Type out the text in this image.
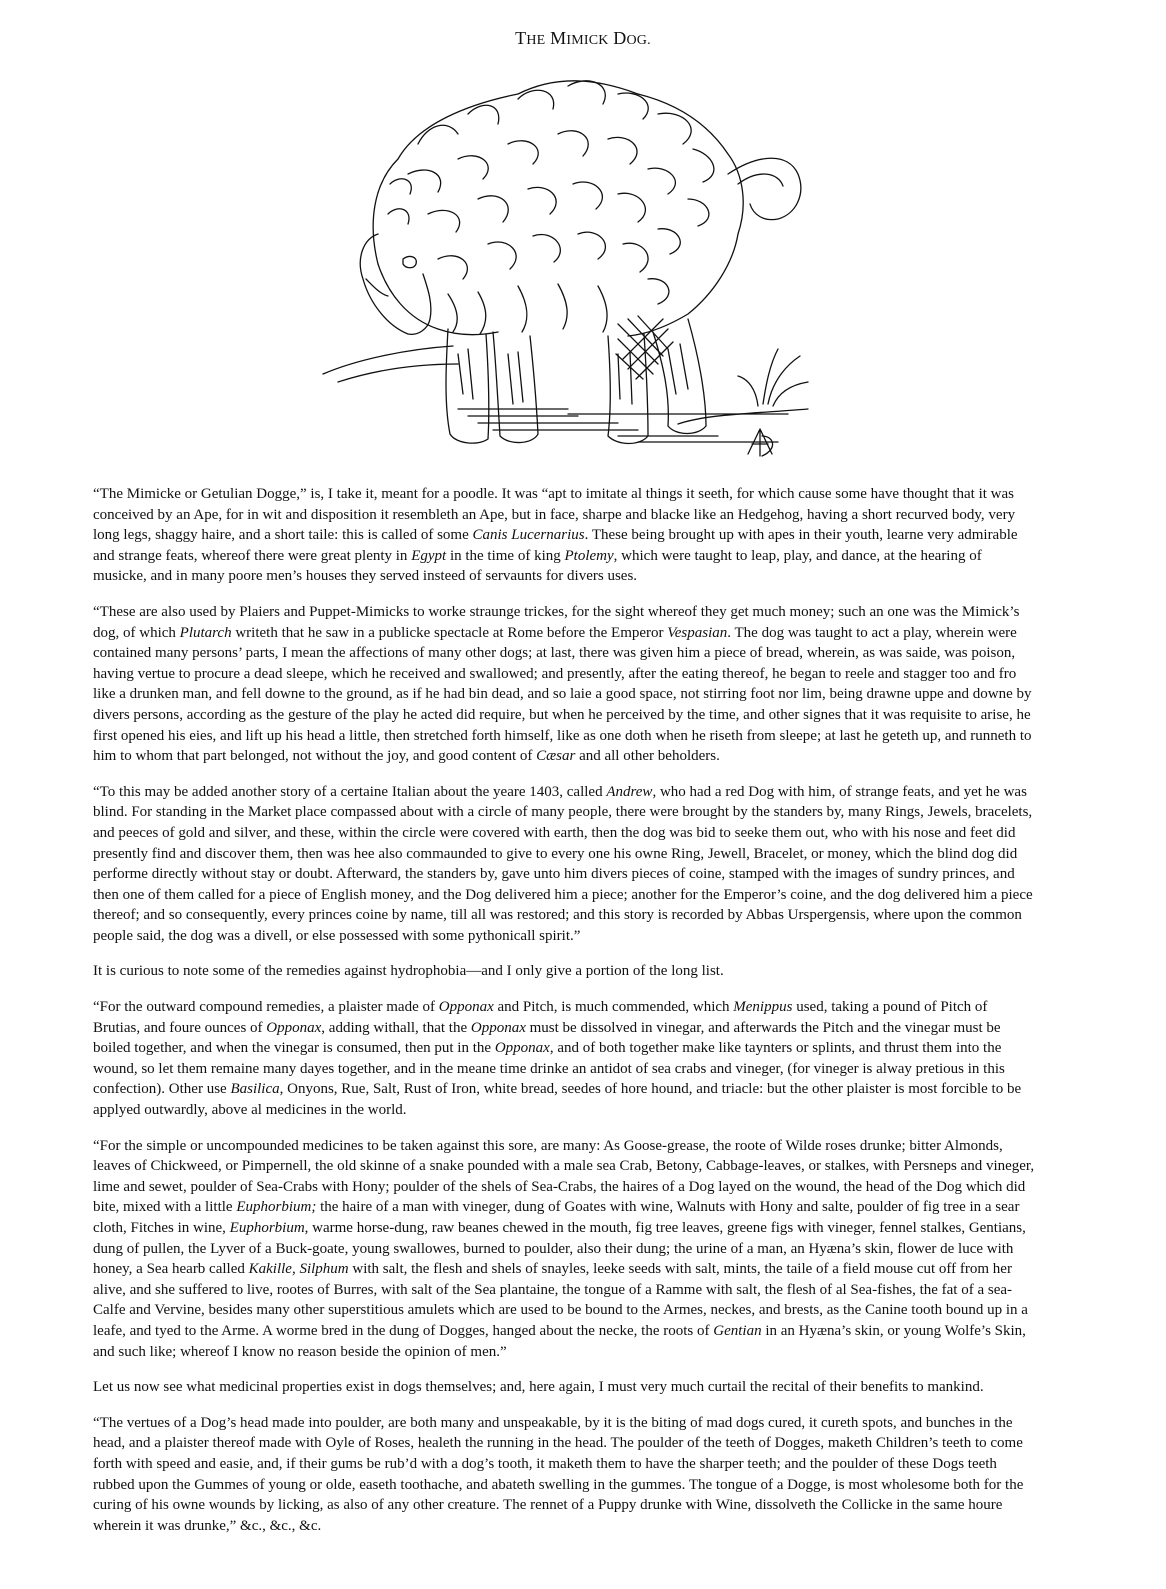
THE MIMICK DOG.

“The Mimicke or Getulian Dogge,” is, I take it, meant for a poodle. It was “apt to imitate al things it seeth, for which cause some have thought that it was conceived by an Ape, for in wit and disposition it resembleth an Ape, but in face, sharpe and blacke like an Hedgehog, having a short recurved body, very long legs, shaggy haire, and a short taile: this is called of some Canis Lucernarius. These being brought up with apes in their youth, learne very admirable and strange feats, whereof there were great plenty in Egypt in the time of king Ptolemy, which were taught to leap, play, and dance, at the hearing of musicke, and in many poore men’s houses they served insteed of servaunts for divers uses.

“These are also used by Plaiers and Puppet-Mimicks to worke straunge trickes, for the sight whereof they get much money; such an one was the Mimick’s dog, of which Plutarch writeth that he saw in a publicke spectacle at Rome before the Emperor Vespasian. The dog was taught to act a play, wherein were contained many persons’ parts, I mean the affections of many other dogs; at last, there was given him a piece of bread, wherein, as was saide, was poison, having vertue to procure a dead sleepe, which he received and swallowed; and presently, after the eating thereof, he began to reele and stagger too and fro like a drunken man, and fell downe to the ground, as if he had bin dead, and so laie a good space, not stirring foot nor lim, being drawne uppe and downe by divers persons, according as the gesture of the play he acted did require, but when he perceived by the time, and other signes that it was requisite to arise, he first opened his eies, and lift up his head a little, then stretched forth himself, like as one doth when he riseth from sleepe; at last he geteth up, and runneth to him to whom that part belonged, not without the joy, and good content of Cæsar and all other beholders.

“To this may be added another story of a certaine Italian about the yeare 1403, called Andrew, who had a red Dog with him, of strange feats, and yet he was blind. For standing in the Market place compassed about with a circle of many people, there were brought by the standers by, many Rings, Jewels, bracelets, and peeces of gold and silver, and these, within the circle were covered with earth, then the dog was bid to seeke them out, who with his nose and feet did presently find and discover them, then was hee also commaunded to give to every one his owne Ring, Jewell, Bracelet, or money, which the blind dog did performe directly without stay or doubt. Afterward, the standers by, gave unto him divers pieces of coine, stamped with the images of sundry princes, and then one of them called for a piece of English money, and the Dog delivered him a piece; another for the Emperor’s coine, and the dog delivered him a piece thereof; and so consequently, every princes coine by name, till all was restored; and this story is recorded by Abbas Urspergensis, where upon the common people said, the dog was a divell, or else possessed with some pythonicall spirit.”

It is curious to note some of the remedies against hydrophobia—and I only give a portion of the long list.

“For the outward compound remedies, a plaister made of Opponax and Pitch, is much commended, which Menippus used, taking a pound of Pitch of Brutias, and foure ounces of Opponax, adding withall, that the Opponax must be dissolved in vinegar, and afterwards the Pitch and the vinegar must be boiled together, and when the vinegar is consumed, then put in the Opponax, and of both together make like taynters or splints, and thrust them into the wound, so let them remaine many dayes together, and in the meane time drinke an antidot of sea crabs and vineger, (for vineger is alway pretious in this confection). Other use Basilica, Onyons, Rue, Salt, Rust of Iron, white bread, seedes of hore hound, and triacle: but the other plaister is most forcible to be applyed outwardly, above al medicines in the world.

“For the simple or uncompounded medicines to be taken against this sore, are many: As Goose-grease, the roote of Wilde roses drunke; bitter Almonds, leaves of Chickweed, or Pimpernell, the old skinne of a snake pounded with a male sea Crab, Betony, Cabbage-leaves, or stalkes, with Persneps and vineger, lime and sewet, poulder of Sea-Crabs with Hony; poulder of the shels of Sea-Crabs, the haires of a Dog layed on the wound, the head of the Dog which did bite, mixed with a little Euphorbium; the haire of a man with vineger, dung of Goates with wine, Walnuts with Hony and salte, poulder of fig tree in a sear cloth, Fitches in wine, Euphorbium, warme horse-dung, raw beanes chewed in the mouth, fig tree leaves, greene figs with vineger, fennel stalkes, Gentians, dung of pullen, the Lyver of a Buck-goate, young swallowes, burned to poulder, also their dung; the urine of a man, an Hyæna’s skin, flower de luce with honey, a Sea hearb called Kakille, Silphum with salt, the flesh and shels of snayles, leeke seeds with salt, mints, the taile of a field mouse cut off from her alive, and she suffered to live, rootes of Burres, with salt of the Sea plantaine, the tongue of a Ramme with salt, the flesh of al Sea-fishes, the fat of a sea-Calfe and Vervine, besides many other superstitious amulets which are used to be bound to the Armes, neckes, and brests, as the Canine tooth bound up in a leafe, and tyed to the Arme. A worme bred in the dung of Dogges, hanged about the necke, the roots of Gentian in an Hyæna’s skin, or young Wolfe’s Skin, and such like; whereof I know no reason beside the opinion of men.”

Let us now see what medicinal properties exist in dogs themselves; and, here again, I must very much curtail the recital of their benefits to mankind.

“The vertues of a Dog’s head made into poulder, are both many and unspeakable, by it is the biting of mad dogs cured, it cureth spots, and bunches in the head, and a plaister thereof made with Oyle of Roses, healeth the running in the head. The poulder of the teeth of Dogges, maketh Children’s teeth to come forth with speed and easie, and, if their gums be rub’d with a dog’s tooth, it maketh them to have the sharper teeth; and the poulder of these Dogs teeth rubbed upon the Gummes of young or olde, easeth toothache, and abateth swelling in the gummes. The tongue of a Dogge, is most wholesome both for the curing of his owne wounds by licking, as also of any other creature. The rennet of a Puppy drunke with Wine, dissolveth the Collicke in the same houre wherein it was drunke,” &c., &c., &c.
